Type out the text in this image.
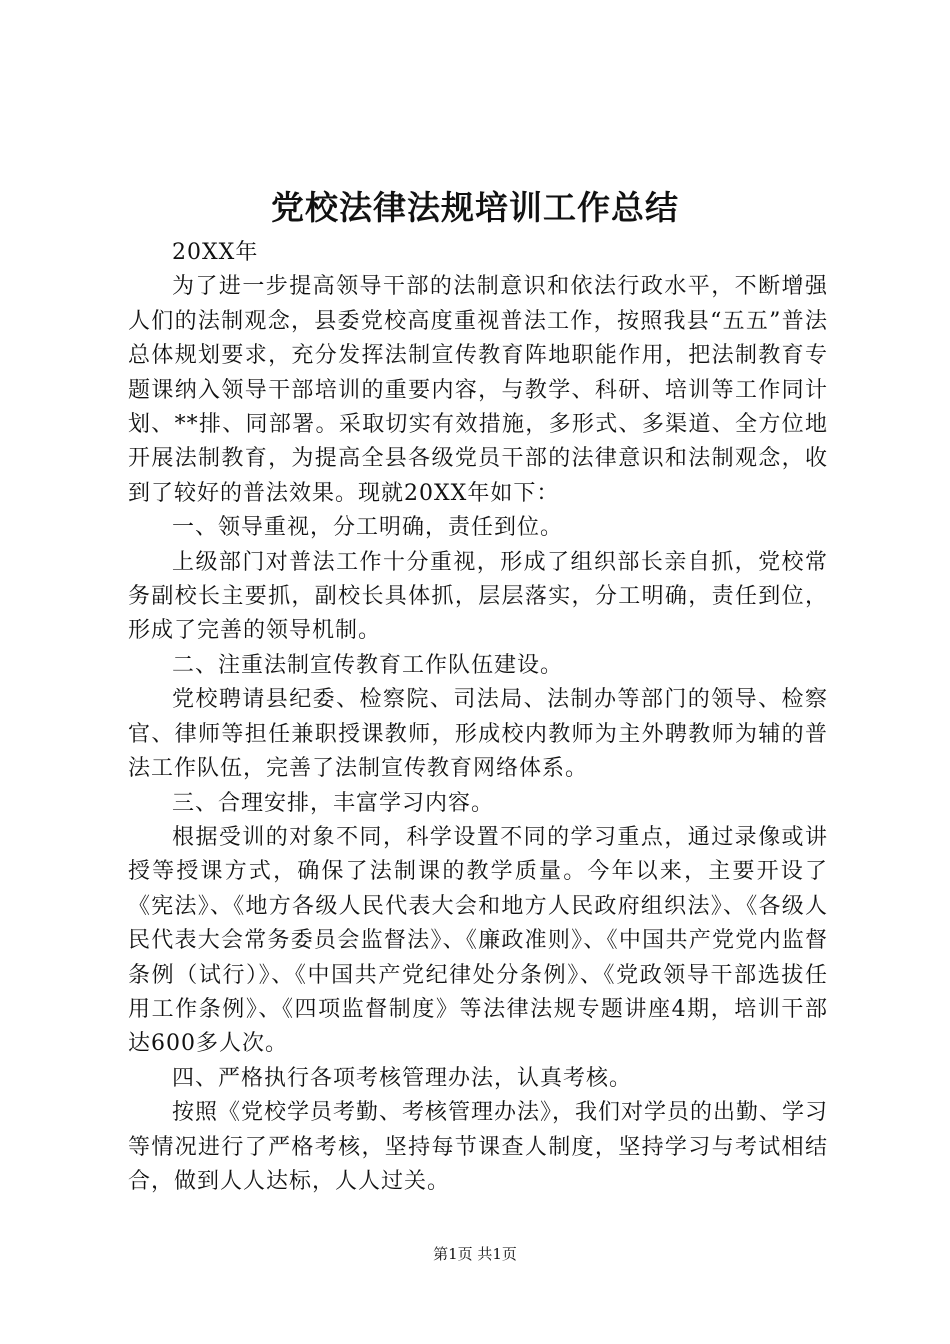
党校法律法规培训工作总结

20XX年

为了进一步提高领导干部的法制意识和依法行政水平，不断增强人们的法制观念，县委党校高度重视普法工作，按照我县“五五”普法总体规划要求，充分发挥法制宣传教育阵地职能作用，把法制教育专题课纳入领导干部培训的重要内容，与教学、科研、培训等工作同计划、**排、同部署。采取切实有效措施，多形式、多渠道、全方位地开展法制教育，为提高全县各级党员干部的法律意识和法制观念，收到了较好的普法效果。现就20XX年如下：

一、领导重视，分工明确，责任到位。

上级部门对普法工作十分重视，形成了组织部长亲自抓，党校常务副校长主要抓，副校长具体抓，层层落实，分工明确，责任到位，形成了完善的领导机制。

二、注重法制宣传教育工作队伍建设。

党校聘请县纪委、检察院、司法局、法制办等部门的领导、检察官、律师等担任兼职授课教师，形成校内教师为主外聘教师为辅的普法工作队伍，完善了法制宣传教育网络体系。

三、合理安排，丰富学习内容。

根据受训的对象不同，科学设置不同的学习重点，通过录像或讲授等授课方式，确保了法制课的教学质量。今年以来，主要开设了《宪法》、《地方各级人民代表大会和地方人民政府组织法》、《各级人民代表大会常务委员会监督法》、《廉政准则》、《中国共产党党内监督条例（试行）》、《中国共产党纪律处分条例》、《党政领导干部选拔任用工作条例》、《四项监督制度》等法律法规专题讲座4期，培训干部达600多人次。

四、严格执行各项考核管理办法，认真考核。

按照《党校学员考勤、考核管理办法》，我们对学员的出勤、学习等情况进行了严格考核，坚持每节课查人制度，坚持学习与考试相结合，做到人人达标，人人过关。

第1页 共1页
